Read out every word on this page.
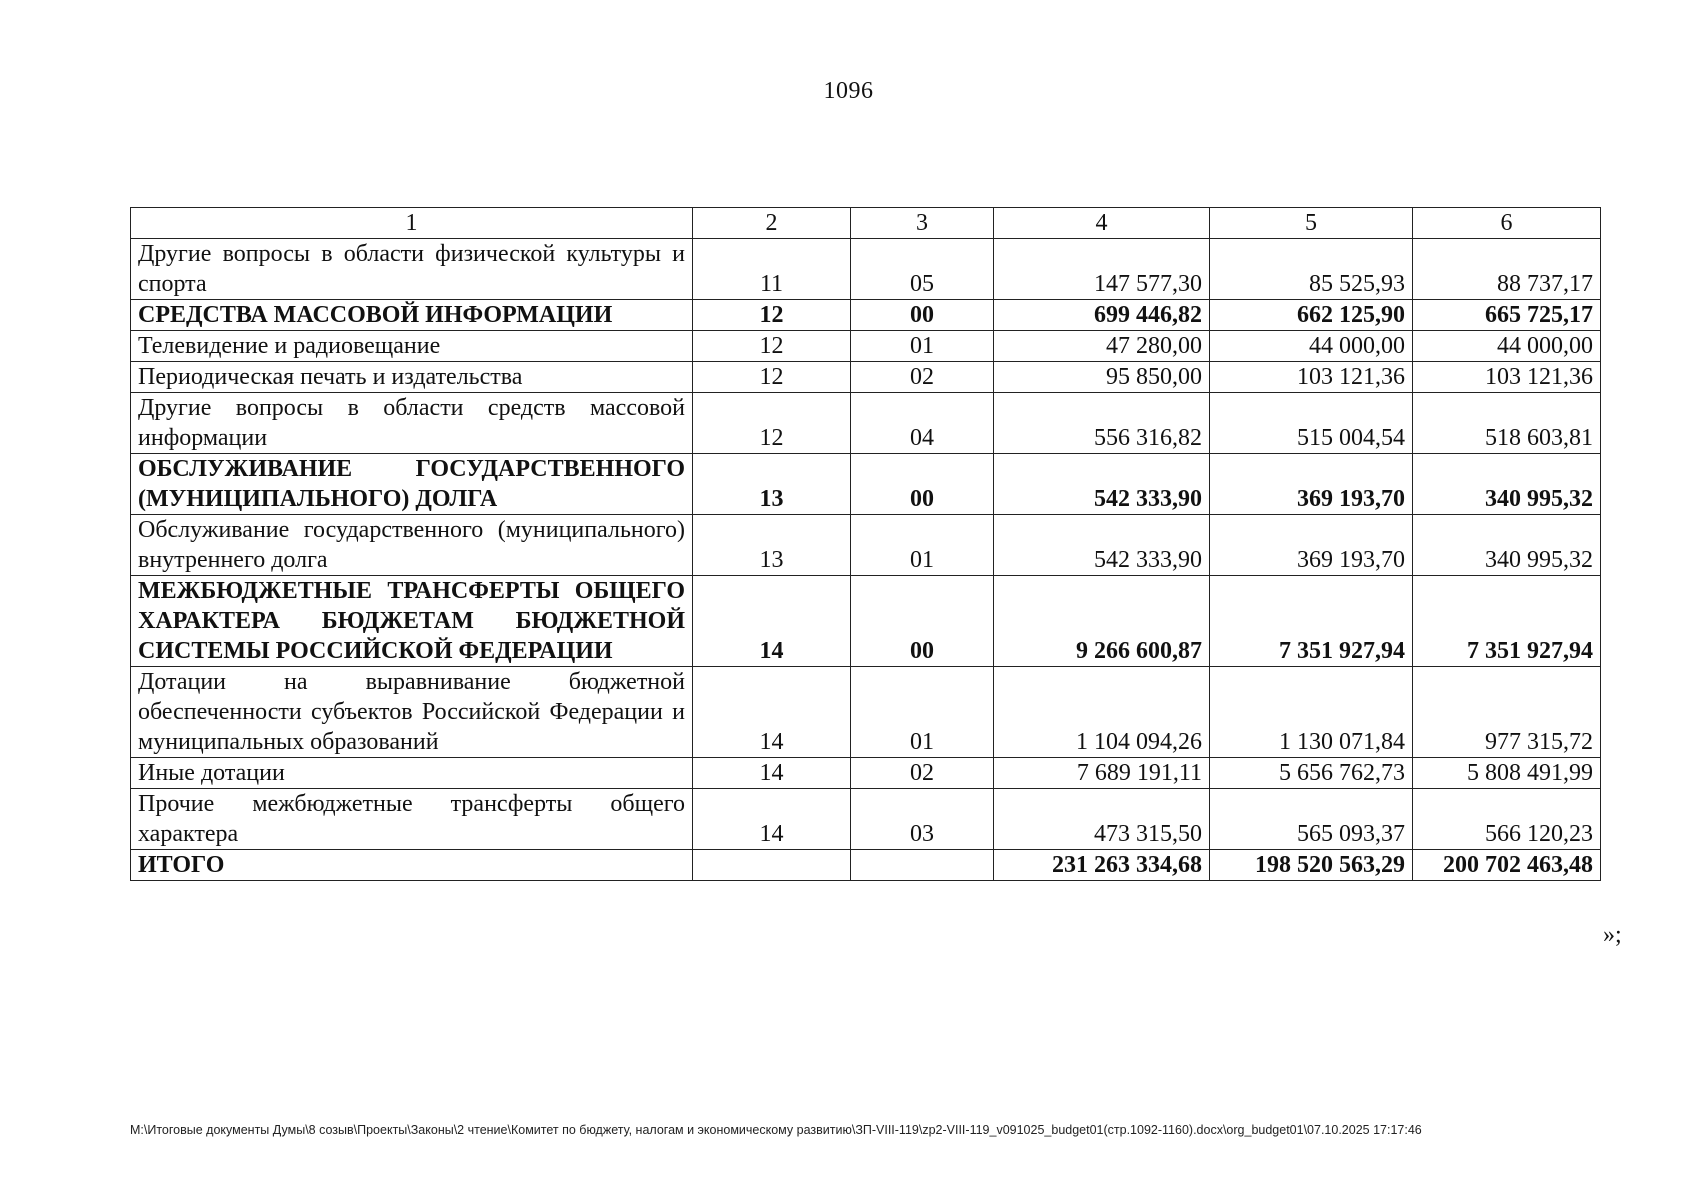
1096
1	2	3	4	5	6
Другие вопросы в области физической культуры и спорта	11	05	147 577,30	85 525,93	88 737,17
СРЕДСТВА МАССОВОЙ ИНФОРМАЦИИ	12	00	699 446,82	662 125,90	665 725,17
Телевидение и радиовещание	12	01	47 280,00	44 000,00	44 000,00
Периодическая печать и издательства	12	02	95 850,00	103 121,36	103 121,36
Другие вопросы в области средств массовой информации	12	04	556 316,82	515 004,54	518 603,81
ОБСЛУЖИВАНИЕ ГОСУДАРСТВЕННОГО (МУНИЦИПАЛЬНОГО) ДОЛГА	13	00	542 333,90	369 193,70	340 995,32
Обслуживание государственного (муниципального) внутреннего долга	13	01	542 333,90	369 193,70	340 995,32
МЕЖБЮДЖЕТНЫЕ ТРАНСФЕРТЫ ОБЩЕГО ХАРАКТЕРА БЮДЖЕТАМ БЮДЖЕТНОЙ СИСТЕМЫ РОССИЙСКОЙ ФЕДЕРАЦИИ	14	00	9 266 600,87	7 351 927,94	7 351 927,94
Дотации на выравнивание бюджетной обеспеченности субъектов Российской Федерации и муниципальных образований	14	01	1 104 094,26	1 130 071,84	977 315,72
Иные дотации	14	02	7 689 191,11	5 656 762,73	5 808 491,99
Прочие межбюджетные трансферты общего характера	14	03	473 315,50	565 093,37	566 120,23
ИТОГО			231 263 334,68	198 520 563,29	200 702 463,48
»;
M:\Итоговые документы Думы\8 созыв\Проекты\Законы\2 чтение\Комитет по бюджету, налогам и экономическому развитию\ЗП-VIII-119\zp2-VIII-119_v091025_budget01(стр.1092-1160).docx\org_budget01\07.10.2025 17:17:46
